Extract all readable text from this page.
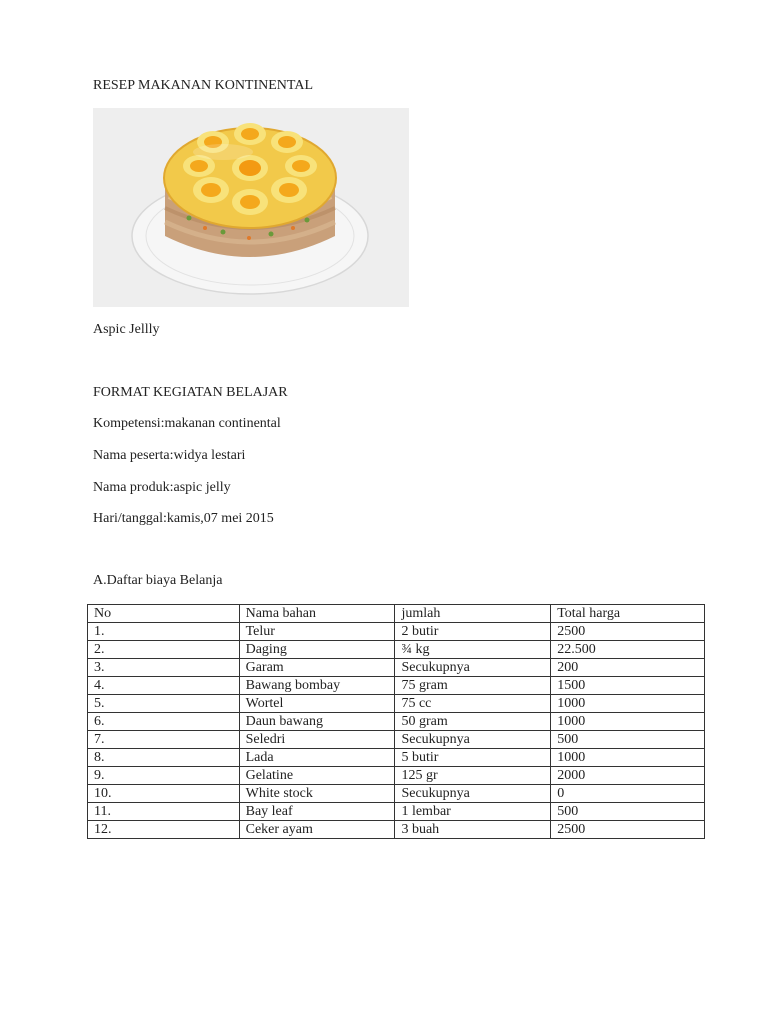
RESEP MAKANAN KONTINENTAL
Aspic Jellly
FORMAT KEGIATAN BELAJAR
Kompetensi:makanan continental
Nama peserta:widya lestari
Nama produk:aspic jelly
Hari/tanggal:kamis,07 mei 2015
A.Daftar biaya Belanja
No	Nama bahan	jumlah	Total harga
1.	Telur	2 butir	2500
2.	Daging	¾ kg	22.500
3.	Garam	Secukupnya	200
4.	Bawang bombay	75 gram	1500
5.	Wortel	75 cc	1000
6.	Daun bawang	50 gram	1000
7.	Seledri	Secukupnya	500
8.	Lada	5 butir	1000
9.	Gelatine	125 gr	2000
10.	White stock	Secukupnya	0
11.	Bay leaf	1 lembar	500
12.	Ceker ayam	3 buah	2500
